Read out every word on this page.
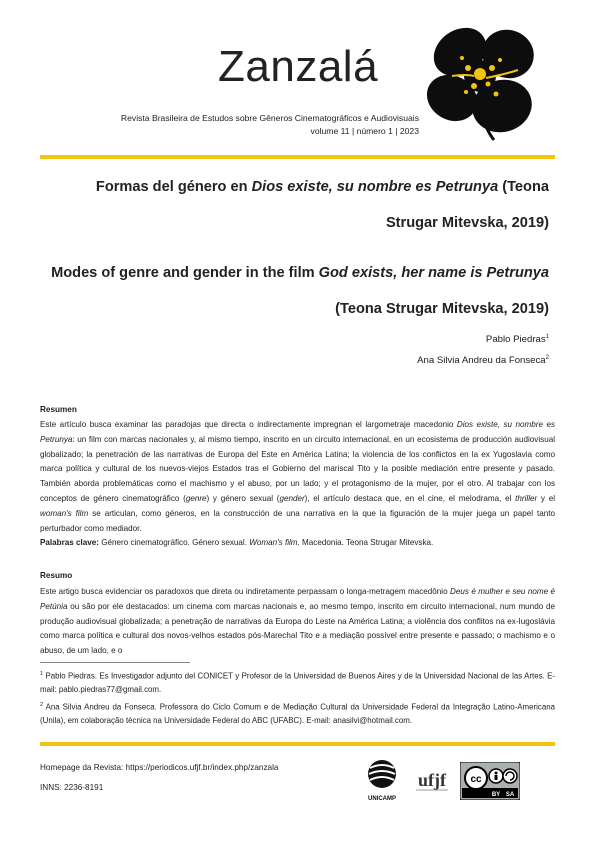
Zanzalá
Revista Brasileira de Estudos sobre Gêneros Cinematográficos e Audiovisuais
volume 11 | número 1 | 2023
Formas del género en Dios existe, su nombre es Petrunya (Teona Strugar Mitevska, 2019)
Modes of genre and gender in the film God exists, her name is Petrunya (Teona Strugar Mitevska, 2019)
Pablo Piedras$^1$
Ana Silvia Andreu da Fonseca$^2$
Resumen
Este artículo busca examinar las paradojas que directa o indirectamente impregnan el largometraje macedonio Dios existe, su nombre es Petrunya: un film con marcas nacionales y, al mismo tiempo, inscrito en un circuito internacional, en un ecosistema de producción audiovisual globalizado; la penetración de las narrativas de Europa del Este en América Latina; la violencia de los conflictos en la ex Yugoslavia como marca política y cultural de los nuevos-viejos Estados tras el Gobierno del mariscal Tito y la posible mediación entre presente y pasado. También aborda problemáticas como el machismo y el abuso, por un lado; y el protagonismo de la mujer, por el otro. Al trabajar con los conceptos de género cinematográfico (genre) y género sexual (gender), el artículo destaca que, en el cine, el melodrama, el thriller y el woman's film se articulan, como géneros, en la construcción de una narrativa en la que la figuración de la mujer juega un papel tanto perturbador como mediador.
Palabras clave: Género cinematográfico. Género sexual. Woman's film. Macedonia. Teona Strugar Mitevska.
Resumo
Este artigo busca evidenciar os paradoxos que direta ou indiretamente perpassam o longa-metragem macedônio Deus é mulher e seu nome é Petúnia ou são por ele destacados: um cinema com marcas nacionais e, ao mesmo tempo, inscrito em circuito internacional, num mundo de produção audiovisual globalizada; a penetração de narrativas da Europa do Leste na América Latina; a violência dos conflitos na ex-Iugoslávia como marca política e cultural dos novos-velhos estados pós-Marechal Tito e a mediação possível entre presente e passado; o machismo e o abuso, de um lado, e o

$^1$ Pablo Piedras. Es Investigador adjunto del CONICET y Profesor de la Universidad de Buenos Aires y de la Universidad Nacional de las Artes. E-mail: pablo.piedras77@gmail.com.

$^2$ Ana Silvia Andreu da Fonseca. Professora do Ciclo Comum e de Mediação Cultural da Universidade Federal da Integração Latino-Americana (Unila), em colaboração técnica na Universidade Federal do ABC (UFABC). E-mail: anasilvi@hotmail.com.

Homepage da Revista: https://periodicos.ufjf.br/index.php/zanzala
INNS: 2236-8191
UNICAMP
ufjf cc
BY SA
